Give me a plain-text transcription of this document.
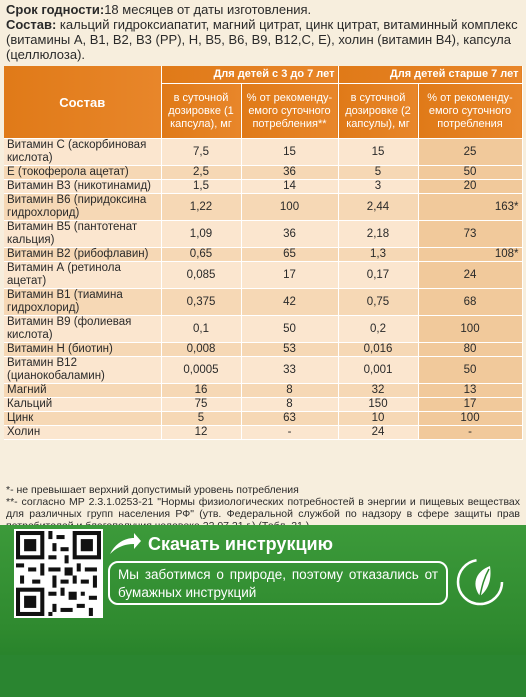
Срок годности:18 месяцев от даты изготовления.
Состав: кальций гидроксиапатит, магний цитрат, цинк цитрат, витаминный комплекс (витамины А, В1, В2, В3 (РР), Н, В5, В6, В9, В12,С, Е), холин (витамин В4), капсула (целлюлоза).
Состав	Для детей с 3 до 7 лет		Для детей старше 7 лет	
	в суточной дозировке (1 капсула), мг	% от рекоменду-емого суточного потребления**	в суточной дозировке (2 капсулы), мг	% от рекоменду-емого суточного потребления
Витамин С (аскорбиновая кислота)	7,5	15	15	25
Е (токоферола ацетат)	2,5	36	5	50
Витамин В3 (никотинамид)	1,5	14	3	20
Витамин В6 (пиридоксина гидрохлорид)	1,22	100	2,44	163*
Витамин В5 (пантотенат кальция)	1,09	36	2,18	73
Витамин В2 (рибофлавин)	0,65	65	1,3	108*
Витамин А (ретинола ацетат)	0,085	17	0,17	24
Витамин В1 (тиамина гидрохлорид)	0,375	42	0,75	68
Витамин В9 (фолиевая кислота)	0,1	50	0,2	100
Витамин Н (биотин)	0,008	53	0,016	80
Витамин В12 (цианокобаламин)	0,0005	33	0,001	50
Магний	16	8	32	13
Кальций	75	8	150	17
Цинк	5	63	10	100
Холин	12	-	24	-

*- не превышает верхний допустимый уровень потребления

**- согласно МР 2.3.1.0253-21 "Нормы физиологических потребностей в энергии и пищевых веществах для различных групп населения РФ" (утв. Федеральной службой по надзору в сфере защиты прав

Скачать инструкцию
Мы заботимся о природе, поэтому отказались от бумажных инструкций
